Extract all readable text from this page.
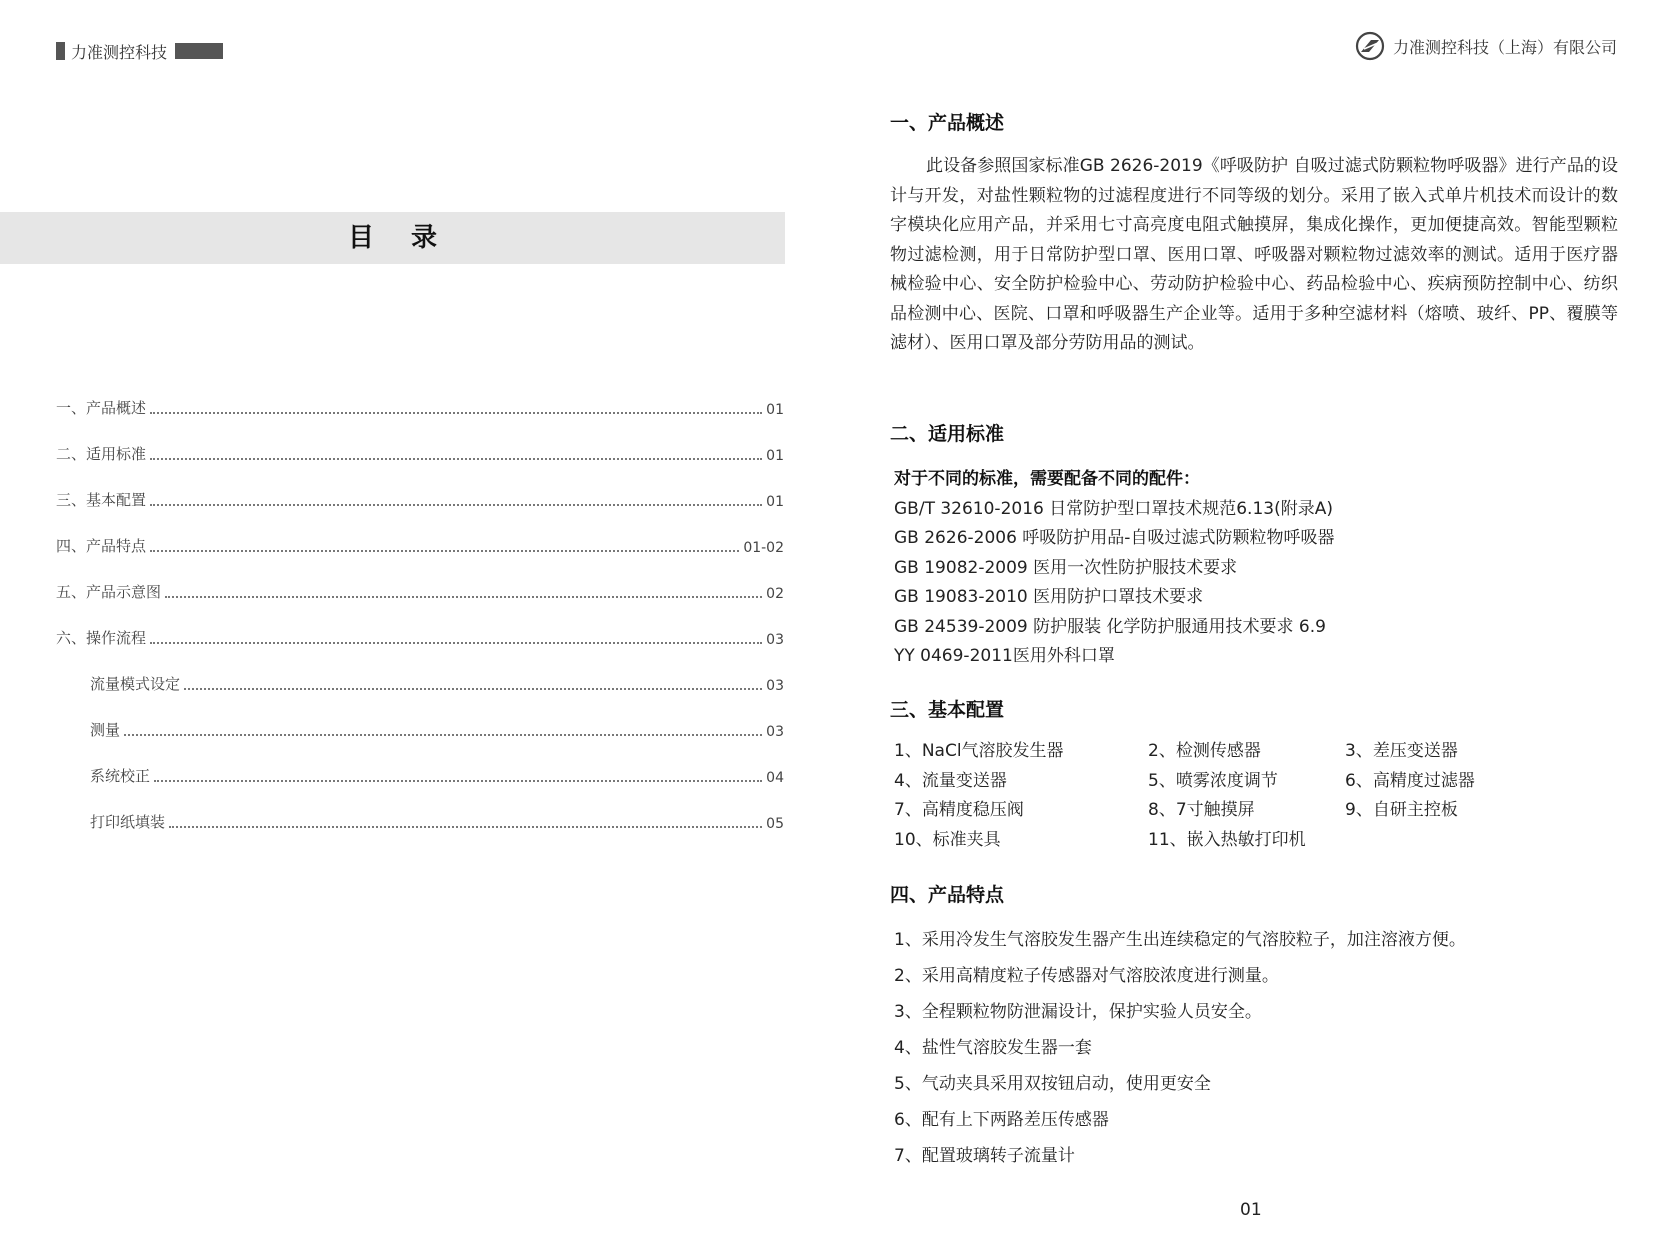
力准测控科技	力准测控科技（上海）有限公司
目 录
一、产品概述	01
二、适用标准	01
三、基本配置	01
四、产品特点	01-02
五、产品示意图	02
六、操作流程	03
流量模式设定	03
测量	03
系统校正	04
打印纸填装	05
一、产品概述

此设备参照国家标准GB 2626-2019《呼吸防护 自吸过滤式防颗粒物呼吸器》进行产品的设计与开发，对盐性颗粒物的过滤程度进行不同等级的划分。采用了嵌入式单片机技术而设计的数字模块化应用产品，并采用七寸高亮度电阻式触摸屏，集成化操作，更加便捷高效。智能型颗粒物过滤检测，用于日常防护型口罩、医用口罩、呼吸器对颗粒物过滤效率的测试。适用于医疗器械检验中心、安全防护检验中心、劳动防护检验中心、药品检验中心、疾病预防控制中心、纺织品检测中心、医院、口罩和呼吸器生产企业等。适用于多种空滤材料（熔喷、玻纤、PP、覆膜等滤材）、医用口罩及部分劳防用品的测试。

二、适用标准
对于不同的标准，需要配备不同的配件：
GB/T 32610-2016 日常防护型口罩技术规范6.13(附录A)
GB 2626-2006 呼吸防护用品-自吸过滤式防颗粒物呼吸器
GB 19082-2009 医用一次性防护服技术要求
GB 19083-2010 医用防护口罩技术要求
GB 24539-2009 防护服装 化学防护服通用技术要求 6.9
YY 0469-2011医用外科口罩
三、基本配置
1、NaCl气溶胶发生器	2、检测传感器	3、差压变送器
4、流量变送器	5、喷雾浓度调节	6、高精度过滤器
7、高精度稳压阀	8、7寸触摸屏	9、自研主控板
10、标准夹具	11、嵌入热敏打印机
四、产品特点
1、采用冷发生气溶胶发生器产生出连续稳定的气溶胶粒子，加注溶液方便。
2、采用高精度粒子传感器对气溶胶浓度进行测量。
3、全程颗粒物防泄漏设计，保护实验人员安全。
4、盐性气溶胶发生器一套
5、气动夹具采用双按钮启动，使用更安全
6、配有上下两路差压传感器
7、配置玻璃转子流量计
01
